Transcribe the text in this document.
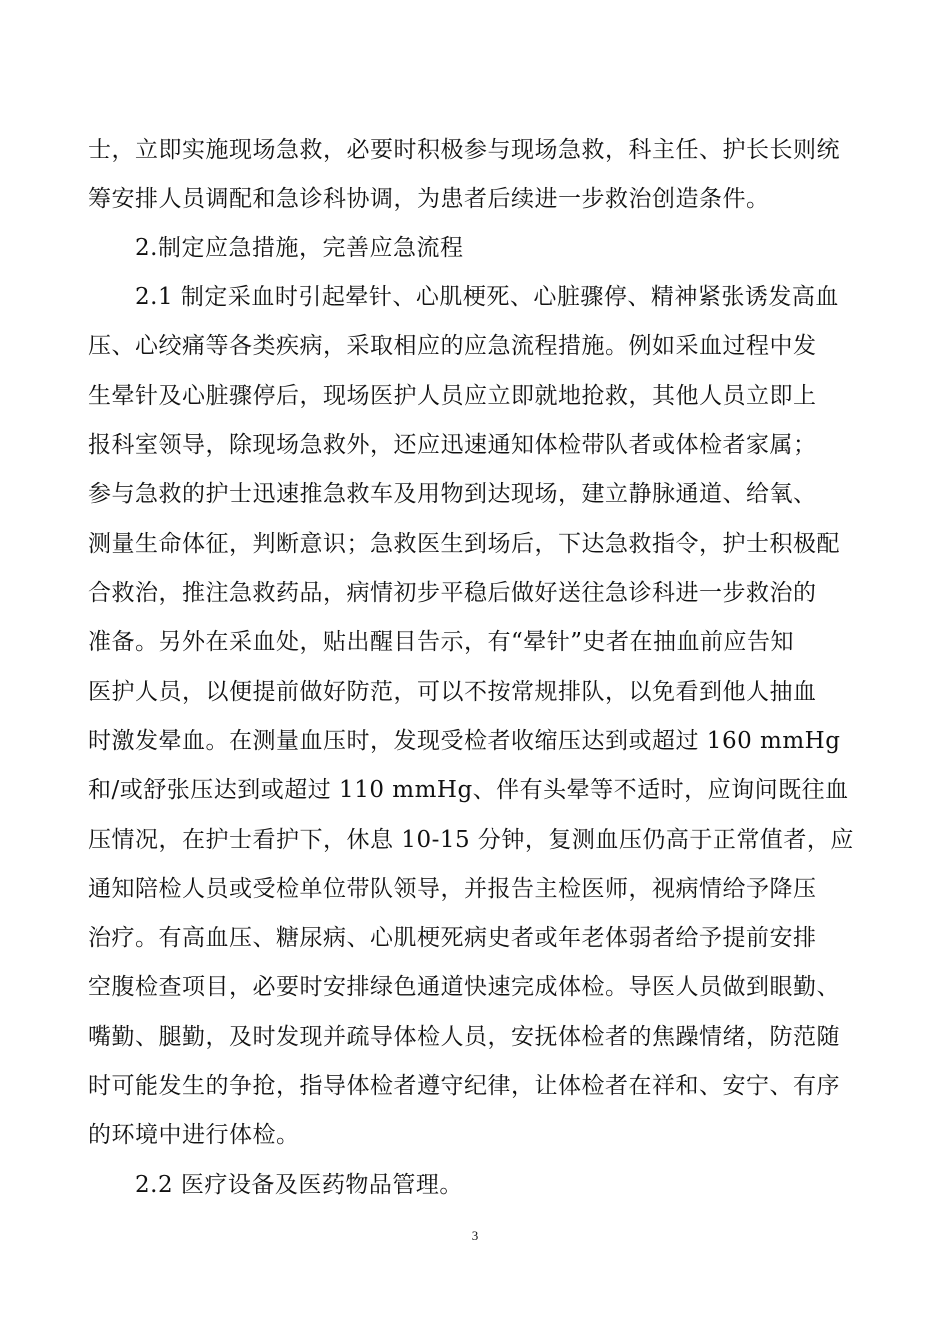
士，立即实施现场急救，必要时积极参与现场急救，科主任、护长长则统
筹安排人员调配和急诊科协调，为患者后续进一步救治创造条件。
　　2.制定应急措施，完善应急流程
　　2.1 制定采血时引起晕针、心肌梗死、心脏骤停、精神紧张诱发高血
压、心绞痛等各类疾病，采取相应的应急流程措施。例如采血过程中发
生晕针及心脏骤停后，现场医护人员应立即就地抢救，其他人员立即上
报科室领导，除现场急救外，还应迅速通知体检带队者或体检者家属；
参与急救的护士迅速推急救车及用物到达现场，建立静脉通道、给氧、
测量生命体征，判断意识；急救医生到场后，下达急救指令，护士积极配
合救治，推注急救药品，病情初步平稳后做好送往急诊科进一步救治的
准备。另外在采血处，贴出醒目告示，有“晕针”史者在抽血前应告知
医护人员，以便提前做好防范，可以不按常规排队，以免看到他人抽血
时激发晕血。在测量血压时，发现受检者收缩压达到或超过 160 mmHg
和/或舒张压达到或超过 110 mmHg、伴有头晕等不适时，应询问既往血
压情况，在护士看护下，休息 10-15 分钟，复测血压仍高于正常值者，应
通知陪检人员或受检单位带队领导，并报告主检医师，视病情给予降压
治疗。有高血压、糖尿病、心肌梗死病史者或年老体弱者给予提前安排
空腹检查项目，必要时安排绿色通道快速完成体检。导医人员做到眼勤、
嘴勤、腿勤，及时发现并疏导体检人员，安抚体检者的焦躁情绪，防范随
时可能发生的争抢，指导体检者遵守纪律，让体检者在祥和、安宁、有序
的环境中进行体检。
　　2.2 医疗设备及医药物品管理。
3
